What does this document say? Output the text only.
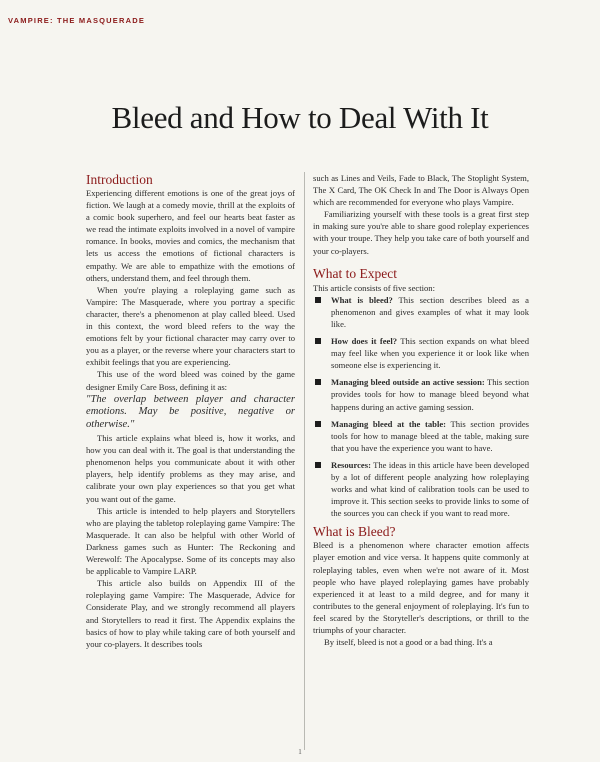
VAMPIRE: THE MASQUERADE
Bleed and How to Deal With It
Introduction

Experiencing different emotions is one of the great joys of fiction. We laugh at a comedy movie, thrill at the exploits of a comic book superhero, and feel our hearts beat faster as we read the intimate exploits involved in a novel of vampire romance. In books, movies and comics, the mechanism that lets us access the emotions of fictional characters is empathy. We are able to empathize with the emotions of others, understand them, and feel through them.

When you're playing a roleplaying game such as Vampire: The Masquerade, where you portray a specific character, there's a phenomenon at play called bleed. Used in this context, the word bleed refers to the way the emotions felt by your fictional character may carry over to you as a player, or the reverse where your characters start to exhibit feelings that you are experiencing.

This use of the word bleed was coined by the game designer Emily Care Boss, defining it as:

"The overlap between player and character emotions. May be positive, negative or otherwise."

This article explains what bleed is, how it works, and how you can deal with it. The goal is that understanding the phenomenon helps you communicate about it with other players, help identify problems as they may arise, and calibrate your own play experiences so that you get what you want out of the game.

This article is intended to help players and Storytellers who are playing the tabletop roleplaying game Vampire: The Masquerade. It can also be helpful with other World of Darkness games such as Hunter: The Reckoning and Werewolf: The Apocalypse. Some of its concepts may also be applicable to Vampire LARP.

This article also builds on Appendix III of the roleplaying game Vampire: The Masquerade, Advice for Considerate Play, and we strongly recommend all players and Storytellers to read it first. The Appendix explains the basics of how to play while taking care of both yourself and your co-players. It describes tools

such as Lines and Veils, Fade to Black, The Stoplight System, The X Card, The OK Check In and The Door is Always Open which are recommended for everyone who plays Vampire.

Familiarizing yourself with these tools is a great first step in making sure you're able to share good roleplay experiences with your troupe. They help you take care of both yourself and your co-players.

What to Expect

This article consists of five section:

What is bleed? This section describes bleed as a phenomenon and gives examples of what it may look like.

How does it feel? This section expands on what bleed may feel like when you experience it or look like when someone else is experiencing it.

Managing bleed outside an active session: This section provides tools for how to manage bleed beyond what happens during an active gaming session.

Managing bleed at the table: This section provides tools for how to manage bleed at the table, making sure that you have the experience you want to have.

Resources: The ideas in this article have been developed by a lot of different people analyzing how roleplaying works and what kind of calibration tools can be used to improve it. This section seeks to provide links to some of the sources you can check if you want to read more.

What is Bleed?

Bleed is a phenomenon where character emotion affects player emotion and vice versa. It happens quite commonly at roleplaying tables, even when we're not aware of it. Most people who have played roleplaying games have probably experienced it at least to a mild degree, and for many it contributes to the general enjoyment of roleplaying. It's fun to feel scared by the Storyteller's descriptions, or thrill to the triumphs of your character.

By itself, bleed is not a good or a bad thing. It's a

1
